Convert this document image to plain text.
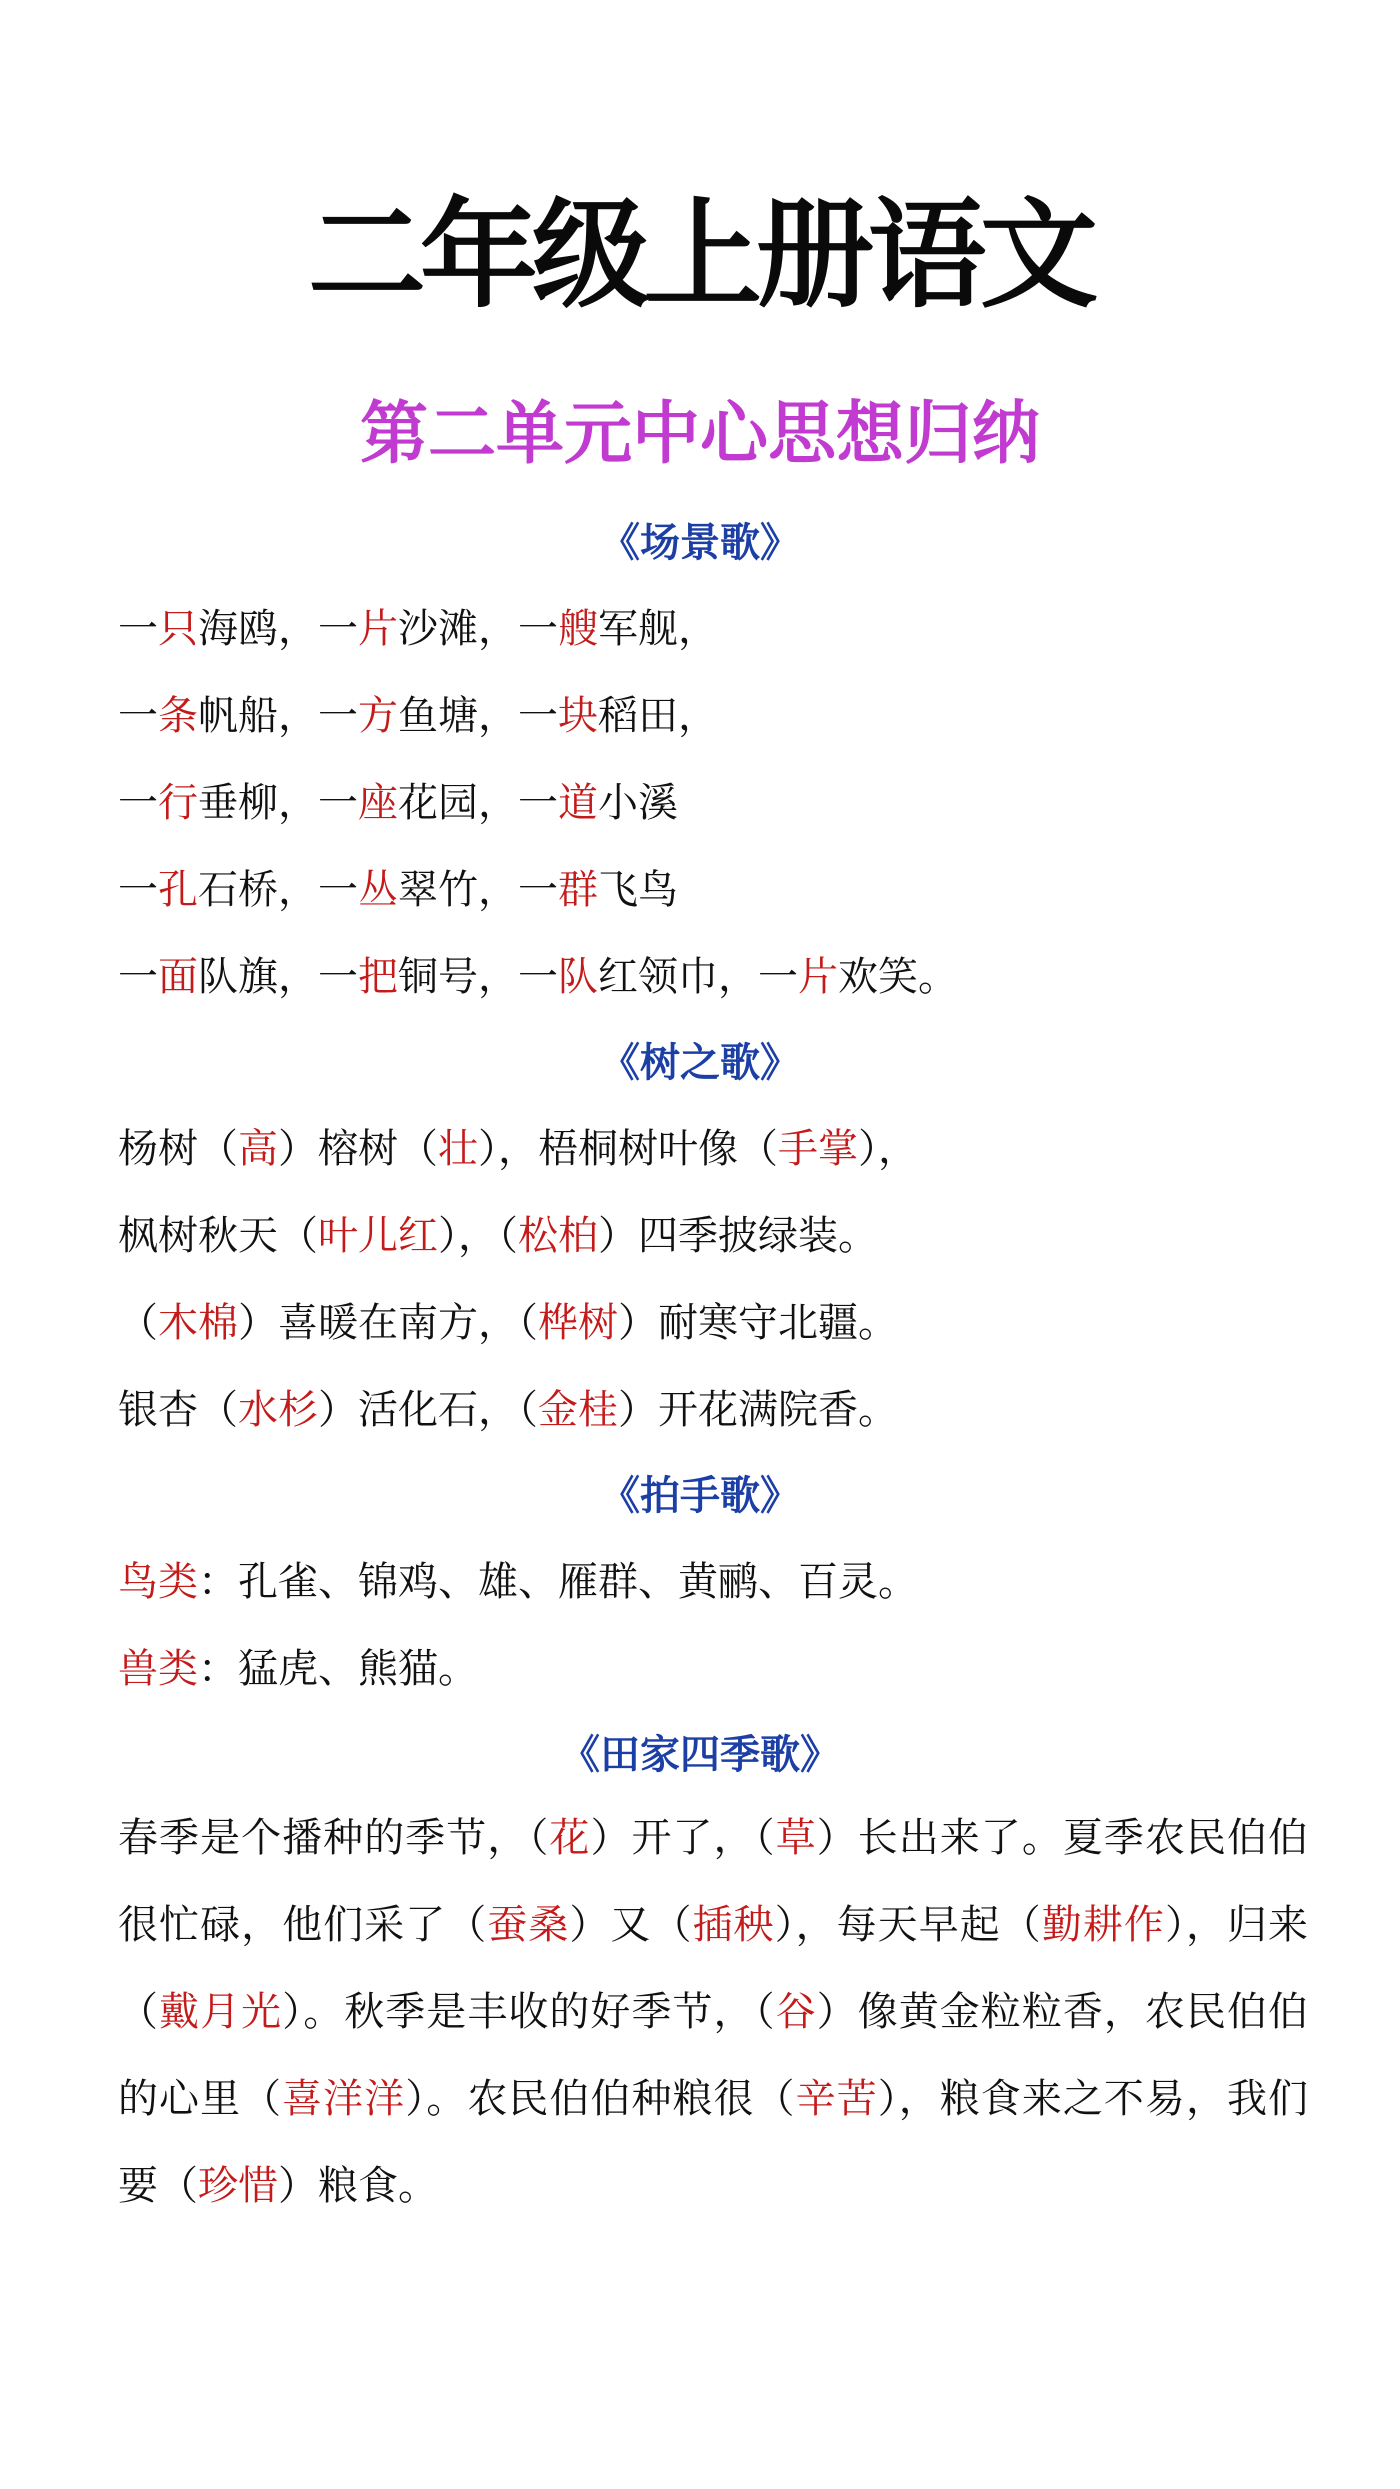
二年级上册语文
第二单元中心思想归纳
《场景歌》
一只海鸥，一片沙滩，一艘军舰，
一条帆船，一方鱼塘，一块稻田，
一行垂柳，一座花园，一道小溪
一孔石桥，一丛翠竹，一群飞鸟
一面队旗，一把铜号，一队红领巾，一片欢笑。
《树之歌》
杨树（高）榕树（壮），梧桐树叶像（手掌），
枫树秋天（叶儿红），（松柏）四季披绿装。
（木棉）喜暖在南方，（桦树）耐寒守北疆。
银杏（水杉）活化石，（金桂）开花满院香。
《拍手歌》
鸟类：孔雀、锦鸡、雄、雁群、黄鹂、百灵。
兽类：猛虎、熊猫。
《田家四季歌》
春季是个播种的季节，（花）开了，（草）长出来了。夏季农民伯伯很忙碌，他们采了（蚕桑）又（插秧），每天早起（勤耕作），归来（戴月光）。秋季是丰收的好季节，（谷）像黄金粒粒香，农民伯伯的心里（喜洋洋）。农民伯伯种粮很（辛苦），粮食来之不易，我们要（珍惜）粮食。
